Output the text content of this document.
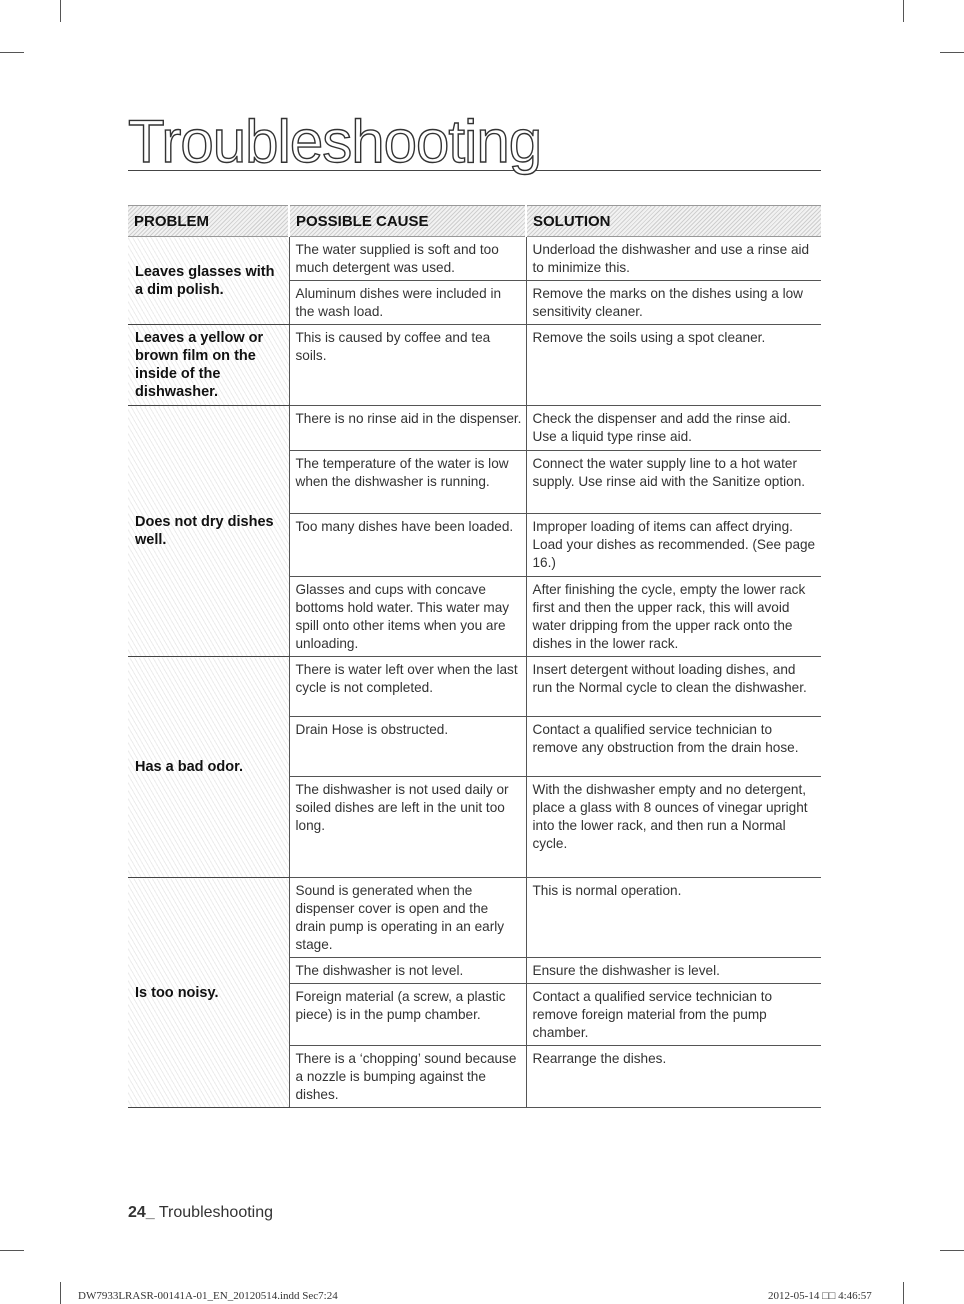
Troubleshooting
PROBLEM	POSSIBLE CAUSE	SOLUTION
Leaves glasses with a dim polish.	The water supplied is soft and too much detergent was used.	Underload the dishwasher and use a rinse aid to minimize this.
	Aluminum dishes were included in the wash load.	Remove the marks on the dishes using a low sensitivity cleaner.
Leaves a yellow or brown film on the inside of the dishwasher.	This is caused by coffee and tea soils.	Remove the soils using a spot cleaner.
Does not dry dishes well.	There is no rinse aid in the dispenser.	Check the dispenser and add the rinse aid. Use a liquid type rinse aid.
	The temperature of the water is low when the dishwasher is running.	Connect the water supply line to a hot water supply. Use rinse aid with the Sanitize option.
	Too many dishes have been loaded.	Improper loading of items can affect drying. Load your dishes as recommended. (See page 16.)
	Glasses and cups with concave bottoms hold water. This water may spill onto other items when you are unloading.	After finishing the cycle, empty the lower rack first and then the upper rack, this will avoid water dripping from the upper rack onto the dishes in the lower rack.
Has a bad odor.	There is water left over when the last cycle is not completed.	Insert detergent without loading dishes, and run the Normal cycle to clean the dishwasher.
	Drain Hose is obstructed.	Contact a qualified service technician to remove any obstruction from the drain hose.
	The dishwasher is not used daily or soiled dishes are left in the unit too long.	With the dishwasher empty and no detergent, place a glass with 8 ounces of vinegar upright into the lower rack, and then run a Normal cycle.
Is too noisy.	Sound is generated when the dispenser cover is open and the drain pump is operating in an early stage.	This is normal operation.
	The dishwasher is not level.	Ensure the dishwasher is level.
	Foreign material (a screw, a plastic piece) is in the pump chamber.	Contact a qualified service technician to remove foreign material from the pump chamber.
	There is a ‘chopping’ sound because a nozzle is bumping against the dishes.	Rearrange the dishes.
24_ Troubleshooting
DW7933LRASR-00141A-01_EN_20120514.indd Sec7:24	2012-05-14 □□ 4:46:57
